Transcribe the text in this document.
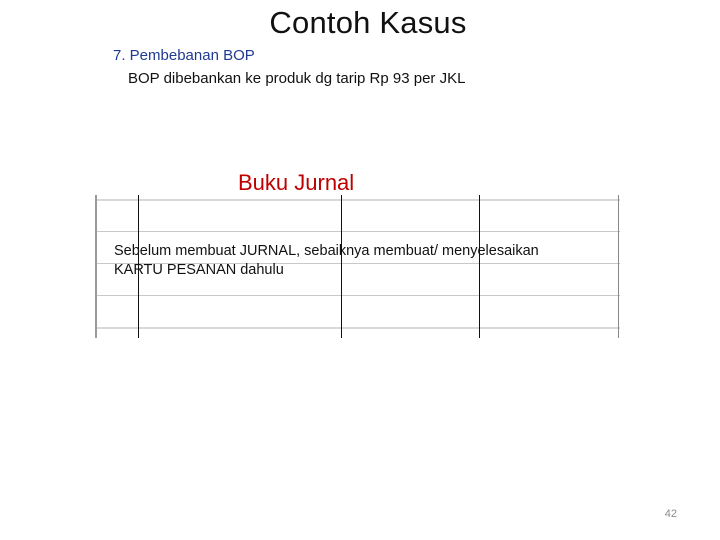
Contoh Kasus
7. Pembebanan BOP
BOP dibebankan ke produk dg tarip Rp 93 per JKL
Buku Jurnal
Sebelum membuat JURNAL, sebaiknya membuat/ menyelesaikan
KARTU PESANAN dahulu
42
